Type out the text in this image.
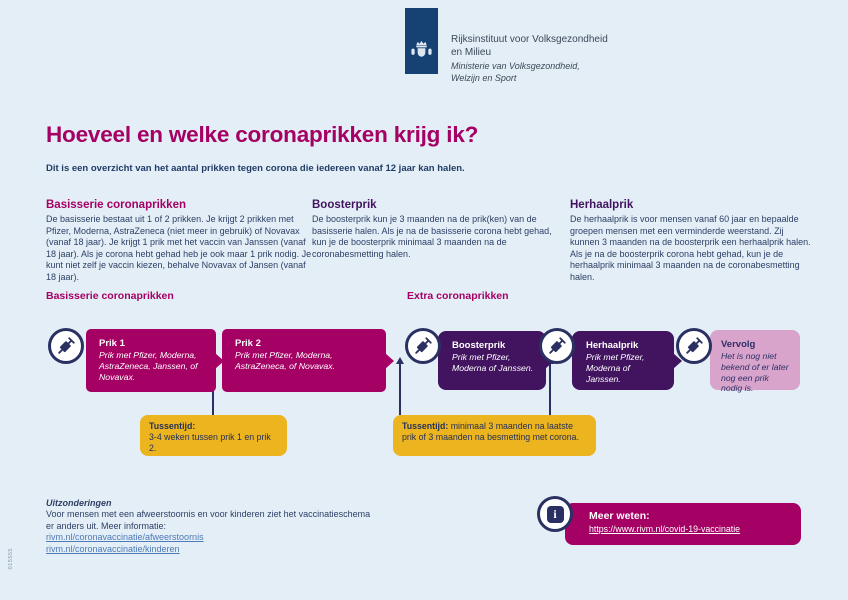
Rijksinstituut voor Volksgezondheid
en Milieu
Ministerie van Volksgezondheid,
Welzijn en Sport
Hoeveel en welke coronaprikken krijg ik?
Dit is een overzicht van het aantal prikken tegen corona die iedereen vanaf 12 jaar kan halen.
Basisserie coronaprikken
De basisserie bestaat uit 1 of 2 prikken. Je krijgt 2 prikken met Pfizer, Moderna, AstraZeneca (niet meer in gebruik) of Novavax (vanaf 18 jaar). Je krijgt 1 prik met het vaccin van Janssen (vanaf 18 jaar). Als je corona hebt gehad heb je ook maar 1 prik nodig. Je kunt niet zelf je vaccin kiezen, behalve Novavax of Jansen (vanaf 18 jaar).
Boosterprik
De boosterprik kun je 3 maanden na de prik(ken) van de basisserie halen. Als je na de basisserie corona hebt gehad, kun je de boosterprik minimaal 3 maanden na de coronabesmetting halen.
Herhaalprik
De herhaalprik is voor mensen vanaf 60 jaar en bepaalde groepen mensen met een verminderde weerstand. Zij kunnen 3 maanden na de boosterprik een herhaalprik halen. Als je na de boosterprik corona hebt gehad, kun je de herhaalprik minimaal 3 maanden na de coronabesmetting halen.
Basisserie coronaprikken	Extra coronaprikken
Prik 1
Prik met Pfizer, Moderna, AstraZeneca, Janssen, of Novavax.
Prik 2
Prik met Pfizer, Moderna, AstraZeneca, of Novavax.
Boosterprik
Prik met Pfizer, Moderna of Janssen.
Herhaalprik
Prik met Pfizer, Moderna of Janssen.
Vervolg
Het is nog niet bekend of er later nog een prik nodig is.
Tussentijd:
3-4 weken tussen prik 1 en prik 2.
Tussentijd: minimaal 3 maanden na laatste prik of 3 maanden na besmetting met corona.
Uitzonderingen
Voor mensen met een afweerstoornis en voor kinderen ziet het vaccinatieschema er anders uit. Meer informatie:
rivm.nl/coronavaccinatie/afweerstoornis
rivm.nl/coronavaccinatie/kinderen
i	Meer weten:
https://www.rivm.nl/covid-19-vaccinatie
015555
